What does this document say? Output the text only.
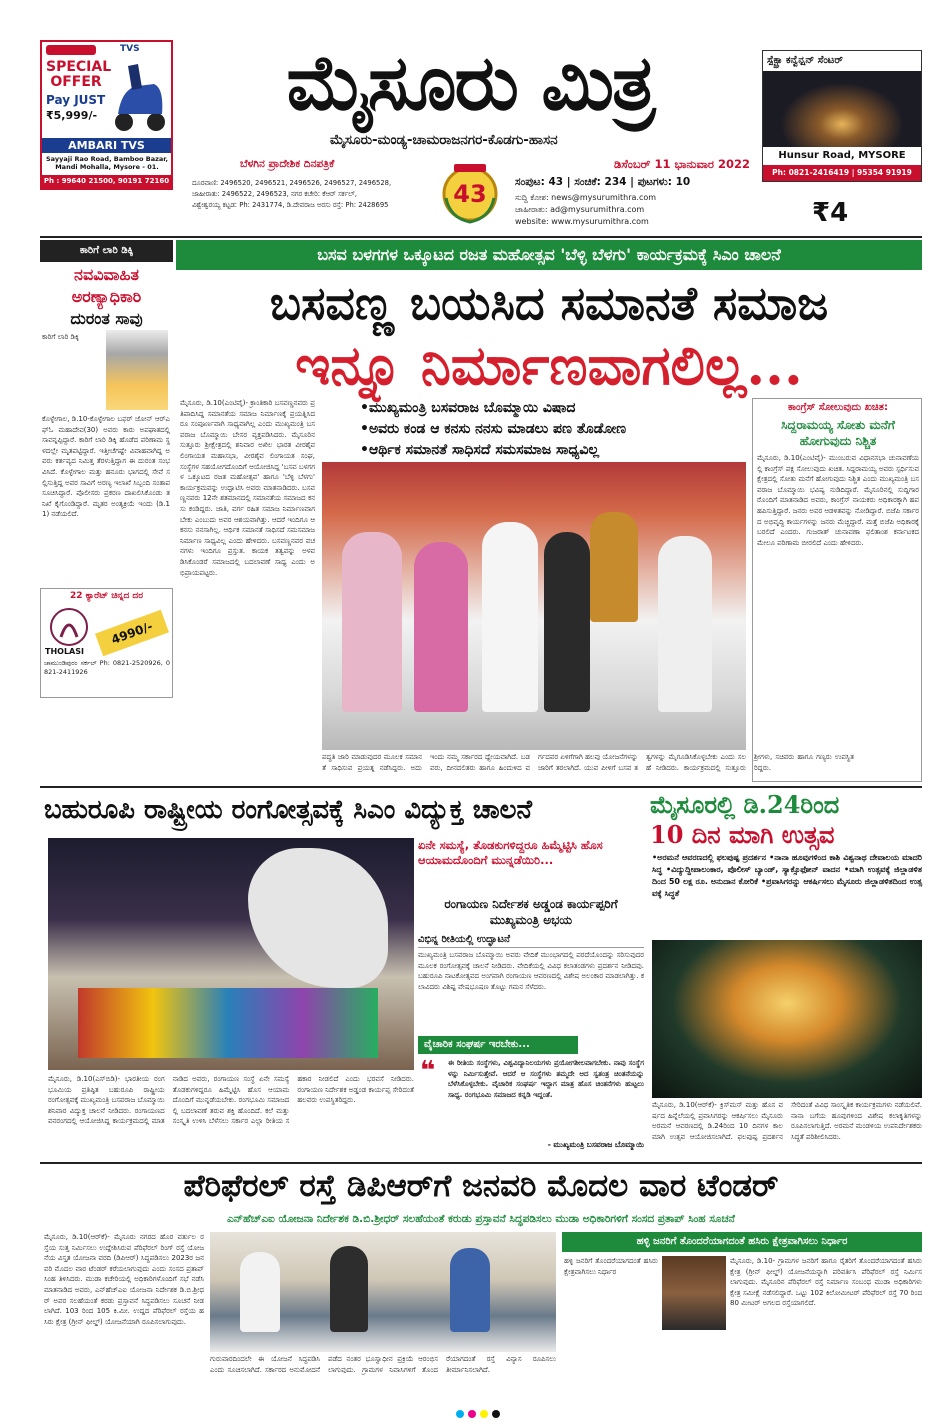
TVS
SPECIAL OFFER
Pay JUST
₹5,999/-
AMBARI TVS
Sayyaji Rao Road, Bamboo Bazar, Mandi Mohalla, Mysore - 01.
Ph : 99640 21500, 90191 72160
ಮೈಸೂರು ಮಿತ್ರ
ಮೈಸೂರು-ಮಂಡ್ಯ-ಚಾಮರಾಜನಗರ-ಕೊಡಗು-ಹಾಸನ
ಬೆಳಗಿನ ಪ್ರಾದೇಶಿಕ ದಿನಪತ್ರಿಕೆ	ಡಿಸೆಂಬರ್ 11 ಭಾನುವಾರ 2022
43
ದೂರವಾಣಿ: 2496520, 2496521, 2496526, 2496527, 2496528,
ಜಾಹೀರಾತು: 2496522, 2496523, ನಗರ ಕಚೇರಿ: ಕೆಆರ್ ಸರ್ಕಲ್,
ವಿಶ್ವೇಶ್ವರಯ್ಯ ಕಟ್ಟಡ: Ph: 2431774, ಡಿ.ದೇವರಾಜ ಅರಸು ರಸ್ತೆ: Ph: 2428695
ಸಂಪುಟ: 43 | ಸಂಚಿಕೆ: 234 | ಪುಟಗಳು: 10
ಸುದ್ದಿ ಕೋಶ: news@mysurumithra.com
ಜಾಹೀರಾತು: ad@mysurumithra.com
website: www.mysurumithra.com
ಸ್ಪೆಕ್ಟ್ರಾ ಕನ್ವೆನ್ಷನ್ ಸೆಂಟರ್
Hunsur Road, MYSORE
Ph: 0821-2416419 | 95354 91919
₹4
ಕಾರಿಗೆ ಲಾರಿ ಡಿಕ್ಕಿ
ನವವಿವಾಹಿತ
ಅರಣ್ಯಾಧಿಕಾರಿ
ದುರಂತ ಸಾವು
ಕಾರಿಗೆ ಲಾರಿ ಡಿಕ್ಕಿ
ಕೊಳ್ಳೇಗಾಲ, ಡಿ.10-ಕೊಳ್ಳೇಗಾಲ ಬಫರ್ ಜೋನ್ ಆರ್‌ಎಫ್‌ಓ ಮಹಾದೇವ(30) ಅವರು ಕಾರು ಅಪಘಾತದಲ್ಲಿ ಸಾವನ್ನಪ್ಪಿದ್ದಾರೆ. ಕಾರಿಗೆ ಲಾರಿ ಡಿಕ್ಕಿ ಹೊಡೆದ ಪರಿಣಾಮ ಸ್ಥಳದಲ್ಲೇ ಮೃತಪಟ್ಟಿದ್ದಾರೆ. ಇತ್ತೀಚೆಗಷ್ಟೇ ವಿವಾಹವಾಗಿದ್ದ ಅವರು ಕರ್ತವ್ಯದ ನಿಮಿತ್ತ ತೆರಳುತ್ತಿದ್ದಾಗ ಈ ದುರಂತ ಸಂಭವಿಸಿದೆ. ಕೊಳ್ಳೇಗಾಲ ಮತ್ತು ಹನೂರು ಭಾಗದಲ್ಲಿ ಸೇವೆ ಸಲ್ಲಿಸುತ್ತಿದ್ದ ಅವರ ಸಾವಿಗೆ ಅರಣ್ಯ ಇಲಾಖೆ ಸಿಬ್ಬಂದಿ ಸಂತಾಪ ಸೂಚಿಸಿದ್ದಾರೆ. ಪೊಲೀಸರು ಪ್ರಕರಣ ದಾಖಲಿಸಿಕೊಂಡು ತನಿಖೆ ಕೈಗೊಂಡಿದ್ದಾರೆ. ಮೃತರ ಅಂತ್ಯಕ್ರಿಯೆ ಇಂದು (ಡಿ.11) ನಡೆಯಲಿದೆ.
22 ಕ್ಯಾರೆಟ್ ಚಿನ್ನದ ದರ
THOLASI
4990/-
ಚಾಮುಂಡಿಪುರಂ ಸರ್ಕಲ್ Ph: 0821-2520926, 0821-2411926
ಬಸವ ಬಳಗಗಳ ಒಕ್ಕೂಟದ ರಜತ ಮಹೋತ್ಸವ 'ಬೆಳ್ಳಿ ಬೆಳಗು' ಕಾರ್ಯಕ್ರಮಕ್ಕೆ ಸಿಎಂ ಚಾಲನೆ
ಬಸವಣ್ಣ ಬಯಸಿದ ಸಮಾನತೆ ಸಮಾಜ
ಇನ್ನೂ ನಿರ್ಮಾಣವಾಗಲಿಲ್ಲ...
ಮೈಸೂರು, ಡಿ.10(ಎಂಟಿವೈ)- ಕ್ರಾಂತಿಕಾರಿ ಬಸವಣ್ಣನವರು ಪ್ರತಿಪಾದಿಸಿದ್ದ ಸಮಾನತೆಯ ಸಮಾಜ ನಿರ್ಮಾಣಕ್ಕೆ ಪ್ರಯತ್ನಿಸಿದರೂ ಸಂಪೂರ್ಣವಾಗಿ ಸಾಧ್ಯವಾಗಿಲ್ಲ ಎಂದು ಮುಖ್ಯಮಂತ್ರಿ ಬಸವರಾಜ ಬೊಮ್ಮಾಯಿ ಬೇಸರ ವ್ಯಕ್ತಪಡಿಸಿದರು. ಮೈಸೂರಿನ ಸುತ್ತೂರು ಶ್ರೀಕ್ಷೇತ್ರದಲ್ಲಿ ಶನಿವಾರ ಅಖಿಲ ಭಾರತ ವೀರಶೈವ ಲಿಂಗಾಯತ ಮಹಾಸಭಾ, ವೀರಶೈವ ಲಿಂಗಾಯತ ಸಂಘ, ಸಂಸ್ಥೆಗಳ ಸಹಯೋಗದೊಂದಿಗೆ ಆಯೋಜಿಸಿದ್ದ 'ಬಸವ ಬಳಗಗಳ ಒಕ್ಕೂಟದ ರಜತ ಮಹೋತ್ಸವ' ಹಾಗೂ 'ಬೆಳ್ಳಿ ಬೆಳಗು' ಕಾರ್ಯಕ್ರಮವನ್ನು ಉದ್ಘಾಟಿಸಿ ಅವರು ಮಾತನಾಡಿದರು. ಬಸವಣ್ಣನವರು 12ನೇ ಶತಮಾನದಲ್ಲಿ ಸಮಾನತೆಯ ಸಮಾಜದ ಕನಸು ಕಂಡಿದ್ದರು. ಜಾತಿ, ವರ್ಗ ರಹಿತ ಸಮಾಜ ನಿರ್ಮಾಣವಾಗಬೇಕು ಎಂಬುದು ಅವರ ಆಶಯವಾಗಿತ್ತು. ಆದರೆ ಇಂದಿಗೂ ಆ ಕನಸು ನನಸಾಗಿಲ್ಲ. ಆರ್ಥಿಕ ಸಮಾನತೆ ಸಾಧಿಸದೆ ಸಮಸಮಾಜ ನಿರ್ಮಾಣ ಸಾಧ್ಯವಿಲ್ಲ ಎಂದು ಹೇಳಿದರು. ಬಸವಣ್ಣನವರ ವಚನಗಳು ಇಂದಿಗೂ ಪ್ರಸ್ತುತ. ಕಾಯಕ ತತ್ವವನ್ನು ಅಳವಡಿಸಿಕೊಂಡರೆ ಸಮಾಜದಲ್ಲಿ ಬದಲಾವಣೆ ಸಾಧ್ಯ ಎಂದು ಅಭಿಪ್ರಾಯಪಟ್ಟರು.
•ಮುಖ್ಯಮಂತ್ರಿ ಬಸವರಾಜ ಬೊಮ್ಮಾಯಿ ವಿಷಾದ
•ಅವರು ಕಂಡ ಆ ಕನಸು ನನಸು ಮಾಡಲು ಪಣ ತೊಡೋಣ
•ಆರ್ಥಿಕ ಸಮಾನತೆ ಸಾಧಿಸದೆ ಸಮಸಮಾಜ ಸಾಧ್ಯವಿಲ್ಲ
ಪದ್ಧತಿ ಜಾರಿ ಮಾಡುವುದರ ಮೂಲಕ ಸಮಾನತೆ ಸಾಧಿಸುವ ಪ್ರಯತ್ನ ನಡೆಸಿದ್ದರು. ಅದು ಇಂದು ನಮ್ಮ ಸರ್ಕಾರದ ಧ್ಯೇಯವಾಗಿದೆ. ಬಡವರು, ದೀನದಲಿತರು ಹಾಗೂ ಹಿಂದುಳಿದ ವರ್ಗದವರ ಏಳಿಗೆಗಾಗಿ ಹಲವು ಯೋಜನೆಗಳನ್ನು ಜಾರಿಗೆ ತರಲಾಗಿದೆ. ಯುವ ಪೀಳಿಗೆ ಬಸವ ತತ್ವಗಳನ್ನು ಮೈಗೂಡಿಸಿಕೊಳ್ಳಬೇಕು ಎಂದು ಸಲಹೆ ನೀಡಿದರು. ಕಾರ್ಯಕ್ರಮದಲ್ಲಿ ಸುತ್ತೂರು ಶ್ರೀಗಳು, ಸಚಿವರು ಹಾಗೂ ಗಣ್ಯರು ಉಪಸ್ಥಿತರಿದ್ದರು.
ಕಾಂಗ್ರೆಸ್ ಸೋಲುವುದು ಖಚಿತ:
ಸಿದ್ದರಾಮಯ್ಯ ಸೋತು ಮನೆಗೆ ಹೋಗುವುದು ನಿಶ್ಚಿತ
ಮೈಸೂರು, ಡಿ.10(ಎಂಟಿವೈ)- ಮುಂಬರುವ ವಿಧಾನಸಭಾ ಚುನಾವಣೆಯಲ್ಲಿ ಕಾಂಗ್ರೆಸ್ ಪಕ್ಷ ಸೋಲುವುದು ಖಚಿತ. ಸಿದ್ದರಾಮಯ್ಯ ಅವರು ಸ್ಪರ್ಧಿಸುವ ಕ್ಷೇತ್ರದಲ್ಲಿ ಸೋತು ಮನೆಗೆ ಹೋಗುವುದು ನಿಶ್ಚಿತ ಎಂದು ಮುಖ್ಯಮಂತ್ರಿ ಬಸವರಾಜ ಬೊಮ್ಮಾಯಿ ಭವಿಷ್ಯ ನುಡಿದಿದ್ದಾರೆ. ಮೈಸೂರಿನಲ್ಲಿ ಸುದ್ದಿಗಾರರೊಂದಿಗೆ ಮಾತನಾಡಿದ ಅವರು, ಕಾಂಗ್ರೆಸ್ ನಾಯಕರು ಅಧಿಕಾರಕ್ಕಾಗಿ ಹಪಹಪಿಸುತ್ತಿದ್ದಾರೆ. ಜನರು ಅವರ ಆಡಳಿತವನ್ನು ನೋಡಿದ್ದಾರೆ. ಬಿಜೆಪಿ ಸರ್ಕಾರದ ಅಭಿವೃದ್ಧಿ ಕಾರ್ಯಗಳನ್ನು ಜನರು ಮೆಚ್ಚಿದ್ದಾರೆ. ಮತ್ತೆ ಬಿಜೆಪಿ ಅಧಿಕಾರಕ್ಕೆ ಬರಲಿದೆ ಎಂದರು. ಗುಜರಾತ್ ಚುನಾವಣಾ ಫಲಿತಾಂಶ ಕರ್ನಾಟಕದ ಮೇಲೂ ಪರಿಣಾಮ ಬೀರಲಿದೆ ಎಂದು ಹೇಳಿದರು.
ಬಹುರೂಪಿ ರಾಷ್ಟ್ರೀಯ ರಂಗೋತ್ಸವಕ್ಕೆ ಸಿಎಂ ವಿದ್ಯುಕ್ತ ಚಾಲನೆ
ಏನೇ ಸಮಸ್ಯೆ, ತೊಡಕುಗಳಿದ್ದರೂ ಹಿಮ್ಮೆಟ್ಟಿಸಿ ಹೊಸ ಆಯಾಮದೊಂದಿಗೆ ಮುನ್ನಡೆಯಿರಿ...
ರಂಗಾಯಣ ನಿರ್ದೇಶಕ ಅಡ್ಡಂಡ ಕಾರ್ಯಪ್ಪರಿಗೆ ಮುಖ್ಯಮಂತ್ರಿ ಅಭಯ
ವಿಭಿನ್ನ ರೀತಿಯಲ್ಲಿ ಉದ್ಘಾಟನೆ
ಮುಖ್ಯಮಂತ್ರಿ ಬಸವರಾಜ ಬೊಮ್ಮಾಯಿ ಅವರು ವೇದಿಕೆ ಮುಂಭಾಗದಲ್ಲಿ ಪರದೆಯೊಂದನ್ನು ಸರಿಸುವುದರ ಮೂಲಕ ರಂಗೋತ್ಸವಕ್ಕೆ ಚಾಲನೆ ನೀಡಿದರು. ವೇದಿಕೆಯಲ್ಲಿ ವಿವಿಧ ಕಲಾತಂಡಗಳು ಪ್ರದರ್ಶನ ನೀಡಿದವು. ಬಹುರೂಪಿ ನಾಟಕೋತ್ಸವದ ಅಂಗವಾಗಿ ರಂಗಾಯಣ ಆವರಣದಲ್ಲಿ ವಿಶೇಷ ಅಲಂಕಾರ ಮಾಡಲಾಗಿತ್ತು. ಕಲಾವಿದರು ವಿಶಿಷ್ಟ ವೇಷಭೂಷಣ ತೊಟ್ಟು ಗಮನ ಸೆಳೆದರು.
ವೈಚಾರಿಕ ಸಂಘರ್ಷ ಇರಬೇಕು...
❝ ಈ ರೀತಿಯ ಸಂಸ್ಥೆಗಳು, ವಿಶ್ವವಿದ್ಯಾನಿಲಯಗಳು ಪ್ರಯೋಗಶೀಲವಾಗಬೇಕು. ನಾವು ಸಂಸ್ಥೆಗಳನ್ನು ನಿರ್ಮಿಸುತ್ತೇವೆ. ಆದರೆ ಆ ಸಂಸ್ಥೆಗಳು ತಮ್ಮದೇ ಆದ ಸ್ವತಂತ್ರ ಚಿಂತನೆಯನ್ನು ಬೆಳೆಸಿಕೊಳ್ಳಬೇಕು. ವೈಚಾರಿಕ ಸಂಘರ್ಷ ಇದ್ದಾಗ ಮಾತ್ರ ಹೊಸ ಚಿಂತನೆಗಳು ಹುಟ್ಟಲು ಸಾಧ್ಯ. ರಂಗಭೂಮಿ ಸಮಾಜದ ಕನ್ನಡಿ ಇದ್ದಂತೆ.
- ಮುಖ್ಯಮಂತ್ರಿ ಬಸವರಾಜ ಬೊಮ್ಮಾಯಿ
ಮೈಸೂರು, ಡಿ.10(ಎಸ್‌ಬಿಡಿ)- ಭಾರತೀಯ ರಂಗಭೂಮಿಯ ಪ್ರತಿಷ್ಠಿತ ಬಹುರೂಪಿ ರಾಷ್ಟ್ರೀಯ ರಂಗೋತ್ಸವಕ್ಕೆ ಮುಖ್ಯಮಂತ್ರಿ ಬಸವರಾಜ ಬೊಮ್ಮಾಯಿ ಶನಿವಾರ ವಿದ್ಯುಕ್ತ ಚಾಲನೆ ನೀಡಿದರು. ರಂಗಾಯಣದ ವನರಂಗದಲ್ಲಿ ಆಯೋಜಿಸಿದ್ದ ಕಾರ್ಯಕ್ರಮದಲ್ಲಿ ಮಾತನಾಡಿದ ಅವರು, ರಂಗಾಯಣ ಸಂಸ್ಥೆ ಏನೇ ಸಮಸ್ಯೆ ತೊಡಕುಗಳಿದ್ದರೂ ಹಿಮ್ಮೆಟ್ಟಿಸಿ ಹೊಸ ಆಯಾಮದೊಂದಿಗೆ ಮುನ್ನಡೆಯಬೇಕು. ರಂಗಭೂಮಿ ಸಮಾಜದಲ್ಲಿ ಬದಲಾವಣೆ ತರುವ ಶಕ್ತಿ ಹೊಂದಿದೆ. ಕಲೆ ಮತ್ತು ಸಂಸ್ಕೃತಿ ಉಳಿಸಿ ಬೆಳೆಸಲು ಸರ್ಕಾರ ಎಲ್ಲಾ ರೀತಿಯ ಸಹಕಾರ ನೀಡಲಿದೆ ಎಂದು ಭರವಸೆ ನೀಡಿದರು. ರಂಗಾಯಣ ನಿರ್ದೇಶಕ ಅಡ್ಡಂಡ ಕಾರ್ಯಪ್ಪ ಸೇರಿದಂತೆ ಹಲವರು ಉಪಸ್ಥಿತರಿದ್ದರು.
ಮೈಸೂರಲ್ಲಿ ಡಿ.24ರಿಂದ
10 ದಿನ ಮಾಗಿ ಉತ್ಸವ
•ಅರಮನೆ ಆವರಣದಲ್ಲಿ ಫಲಪುಷ್ಪ ಪ್ರದರ್ಶನ •ನಾನಾ ಹೂವುಗಳಿಂದ ಕಾಶಿ ವಿಶ್ವನಾಥ ದೇವಾಲಯ ಮಾದರಿ ಸಿದ್ಧ •ವಿದ್ಯುದ್ದೀಪಾಲಂಕಾರ, ಪೊಲೀಸ್ ಬ್ಯಾಂಡ್, ಸ್ಯಾಕ್ಸೊಫೋನ್ ವಾದನ •ಮಾಗಿ ಉತ್ಸವಕ್ಕೆ ಜಿಲ್ಲಾಡಳಿತದಿಂದ 50 ಲಕ್ಷ ರೂ. ಅನುದಾನ ಕೋರಿಕೆ •ಪ್ರವಾಸಿಗರನ್ನು ಆಕರ್ಷಿಸಲು ಮೈಸೂರು ಜಿಲ್ಲಾಡಳಿತದಿಂದ ಉತ್ಸವಕ್ಕೆ ಸಿದ್ಧತೆ
ಮೈಸೂರು, ಡಿ.10(ಆರ್‌ಕೆ)- ಕ್ರಿಸ್‌ಮಸ್ ಮತ್ತು ಹೊಸ ವರ್ಷದ ಹಿನ್ನೆಲೆಯಲ್ಲಿ ಪ್ರವಾಸಿಗರನ್ನು ಆಕರ್ಷಿಸಲು ಮೈಸೂರು ಅರಮನೆ ಆವರಣದಲ್ಲಿ ಡಿ.24ರಿಂದ 10 ದಿನಗಳ ಕಾಲ ಮಾಗಿ ಉತ್ಸವ ಆಯೋಜಿಸಲಾಗಿದೆ. ಫಲಪುಷ್ಪ ಪ್ರದರ್ಶನ ಸೇರಿದಂತೆ ವಿವಿಧ ಸಾಂಸ್ಕೃತಿಕ ಕಾರ್ಯಕ್ರಮಗಳು ನಡೆಯಲಿವೆ. ನಾನಾ ಬಗೆಯ ಹೂವುಗಳಿಂದ ವಿಶೇಷ ಕಲಾಕೃತಿಗಳನ್ನು ರೂಪಿಸಲಾಗುತ್ತಿದೆ. ಅರಮನೆ ಮಂಡಳಿಯ ಉಪನಿರ್ದೇಶಕರು ಸಿದ್ಧತೆ ಪರಿಶೀಲಿಸಿದರು.
ಪೆರಿಫೆರಲ್ ರಸ್ತೆ ಡಿಪಿಆರ್‌ಗೆ ಜನವರಿ ಮೊದಲ ವಾರ ಟೆಂಡರ್
ಎನ್‌ಹೆಚ್‌ಎಐ ಯೋಜನಾ ನಿರ್ದೇಶಕ ಡಿ.ಬಿ.ಶ್ರೀಧರ್ ಸಲಹೆಯಂತೆ ಕರುಡು ಪ್ರಸ್ತಾವನೆ ಸಿದ್ಧಪಡಿಸಲು ಮುಡಾ ಅಧಿಕಾರಿಗಳಿಗೆ ಸಂಸದ ಪ್ರತಾಪ್ ಸಿಂಹ ಸೂಚನೆ
ಮೈಸೂರು, ಡಿ.10(ಆರ್‌ಕೆ)- ಮೈಸೂರು ನಗರದ ಹೊರ ವರ್ತುಲ ರಸ್ತೆಯ ಸುತ್ತ ನಿರ್ಮಿಸಲು ಉದ್ದೇಶಿಸಿರುವ ಪೆರಿಫೆರಲ್ ರಿಂಗ್ ರಸ್ತೆ ಯೋಜನೆಯ ವಿಸ್ತೃತ ಯೋಜನಾ ವರದಿ (ಡಿಪಿಆರ್) ಸಿದ್ಧಪಡಿಸಲು 2023ರ ಜನವರಿ ಮೊದಲ ವಾರ ಟೆಂಡರ್ ಕರೆಯಲಾಗುವುದು ಎಂದು ಸಂಸದ ಪ್ರತಾಪ್ ಸಿಂಹ ತಿಳಿಸಿದರು. ಮುಡಾ ಕಚೇರಿಯಲ್ಲಿ ಅಧಿಕಾರಿಗಳೊಂದಿಗೆ ಸಭೆ ನಡೆಸಿ ಮಾತನಾಡಿದ ಅವರು, ಎನ್‌ಹೆಚ್‌ಎಐ ಯೋಜನಾ ನಿರ್ದೇಶಕ ಡಿ.ಬಿ.ಶ್ರೀಧರ್ ಅವರ ಸಲಹೆಯಂತೆ ಕರಡು ಪ್ರಸ್ತಾವನೆ ಸಿದ್ಧಪಡಿಸಲು ಸೂಚನೆ ನೀಡಲಾಗಿದೆ. 103 ರಿಂದ 105 ಕಿ.ಮೀ. ಉದ್ದದ ಪೆರಿಫೆರಲ್ ರಸ್ತೆಯ ಹಸಿರು ಕ್ಷೇತ್ರ (ಗ್ರೀನ್ ಫೀಲ್ಡ್) ಯೋಜನೆಯಾಗಿ ರೂಪಿಸಲಾಗುವುದು.
ಗುರುವಾರದಿಂದಲೇ ಈ ಯೋಜನೆ ಸಿದ್ಧಪಡಿಸಿ ಎಂದು ಸೂಚಿಸಲಾಗಿದೆ. ಸರ್ಕಾರದ ಅನುಮೋದನೆ ಪಡೆದ ನಂತರ ಭೂಸ್ವಾಧೀನ ಪ್ರಕ್ರಿಯೆ ಆರಂಭಿಸಲಾಗುವುದು. ಗ್ರಾಮಗಳ ನಿವಾಸಿಗಳಿಗೆ ತೊಂದರೆಯಾಗದಂತೆ ರಸ್ತೆ ವಿನ್ಯಾಸ ರೂಪಿಸಲು ತೀರ್ಮಾನಿಸಲಾಗಿದೆ.
ಹಳ್ಳಿ ಜನರಿಗೆ ತೊಂದರೆಯಾಗದಂತೆ ಹಸಿರು ಕ್ಷೇತ್ರವಾಗಿಸಲು ನಿರ್ಧಾರ
ಹಳ್ಳಿ ಜನರಿಗೆ ತೊಂದರೆಯಾಗದಂತೆ ಹಸಿರು ಕ್ಷೇತ್ರವಾಗಿಸಲು ನಿರ್ಧಾರ
ಮೈಸೂರು, ಡಿ.10- ಗ್ರಾಮಗಳ ಜನರಿಗೆ ಹಾಗೂ ರೈತರಿಗೆ ತೊಂದರೆಯಾಗದಂತೆ ಹಸಿರು ಕ್ಷೇತ್ರ (ಗ್ರೀನ್ ಫೀಲ್ಡ್) ಯೋಜನೆಯನ್ನಾಗಿ ಪರಿವರ್ತಿಸಿ ಪೆರಿಫೆರಲ್ ರಸ್ತೆ ನಿರ್ಮಿಸಲಾಗುವುದು. ಮೈಸೂರಿನ ಪೆರಿಫೆರಲ್ ರಸ್ತೆ ನಿರ್ಮಾಣ ಸಂಬಂಧ ಮುಡಾ ಅಧಿಕಾರಿಗಳು ಕ್ಷೇತ್ರ ಸಮೀಕ್ಷೆ ನಡೆಸಲಿದ್ದಾರೆ. ಒಟ್ಟು 102 ಕಿಲೋಮೀಟರ್ ಪೆರಿಫೆರಲ್ ರಸ್ತೆ 70 ರಿಂದ 80 ಮೀಟರ್ ಅಗಲದ ರಸ್ತೆಯಾಗಲಿದೆ.
